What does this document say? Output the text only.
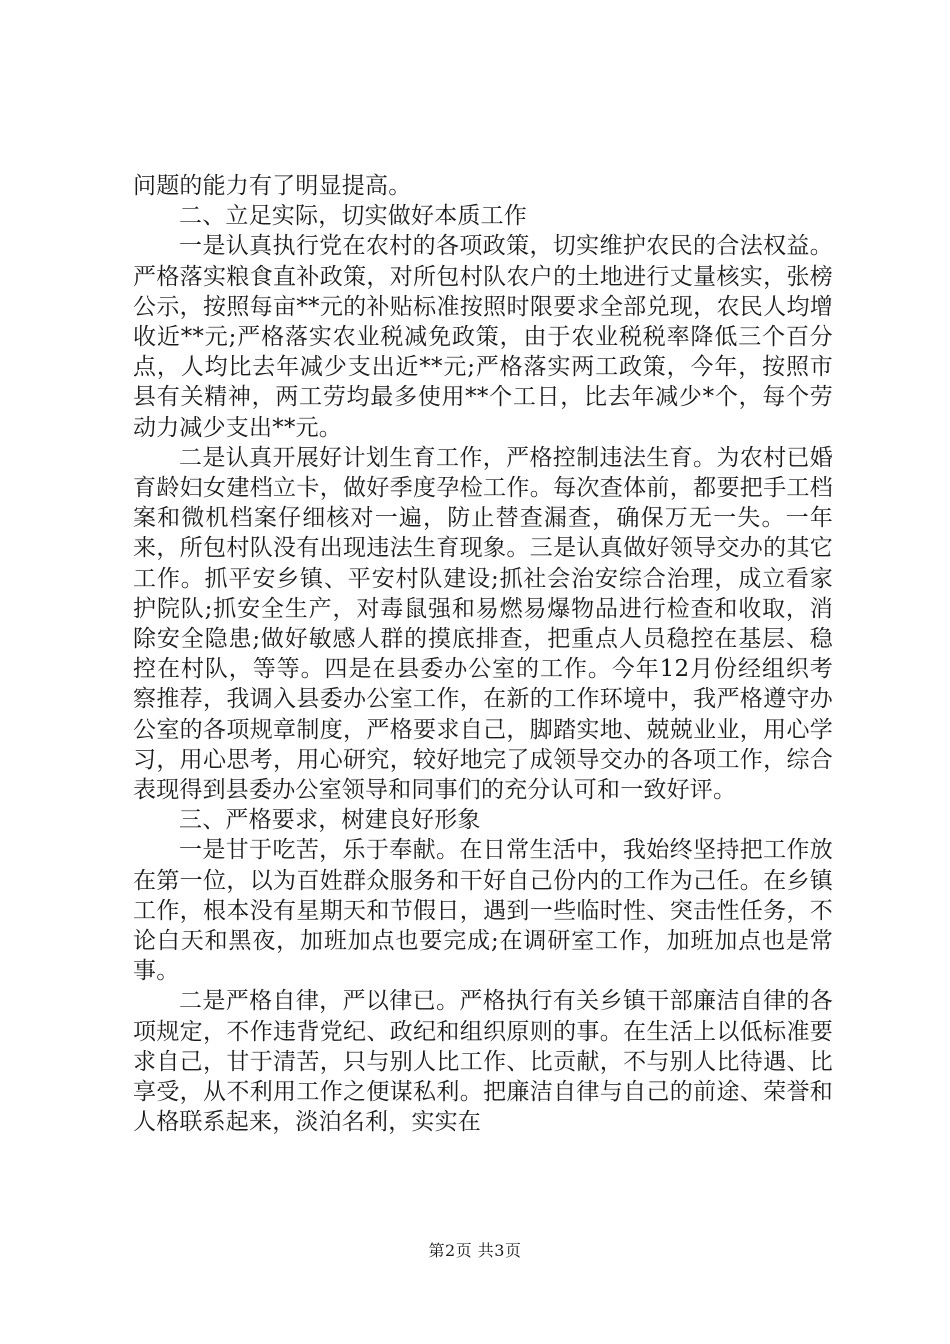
问题的能力有了明显提高。

二、立足实际，切实做好本质工作

一是认真执行党在农村的各项政策，切实维护农民的合法权益。严格落实粮食直补政策，对所包村队农户的土地进行丈量核实，张榜公示，按照每亩**元的补贴标准按照时限要求全部兑现，农民人均增收近**元;严格落实农业税减免政策，由于农业税税率降低三个百分点，人均比去年减少支出近**元;严格落实两工政策，今年，按照市县有关精神，两工劳均最多使用**个工日，比去年减少*个，每个劳动力减少支出**元。

二是认真开展好计划生育工作，严格控制违法生育。为农村已婚育龄妇女建档立卡，做好季度孕检工作。每次查体前，都要把手工档案和微机档案仔细核对一遍，防止替查漏查，确保万无一失。一年来，所包村队没有出现违法生育现象。三是认真做好领导交办的其它工作。抓平安乡镇、平安村队建设;抓社会治安综合治理，成立看家护院队;抓安全生产，对毒鼠强和易燃易爆物品进行检查和收取，消除安全隐患;做好敏感人群的摸底排查，把重点人员稳控在基层、稳控在村队，等等。四是在县委办公室的工作。今年12月份经组织考察推荐，我调入县委办公室工作，在新的工作环境中，我严格遵守办公室的各项规章制度，严格要求自己，脚踏实地、兢兢业业，用心学习，用心思考，用心研究，较好地完了成领导交办的各项工作，综合表现得到县委办公室领导和同事们的充分认可和一致好评。

三、严格要求，树建良好形象

一是甘于吃苦，乐于奉献。在日常生活中，我始终坚持把工作放在第一位，以为百姓群众服务和干好自己份内的工作为己任。在乡镇工作，根本没有星期天和节假日，遇到一些临时性、突击性任务，不论白天和黑夜，加班加点也要完成;在调研室工作，加班加点也是常事。

二是严格自律，严以律已。严格执行有关乡镇干部廉洁自律的各项规定，不作违背党纪、政纪和组织原则的事。在生活上以低标准要求自己，甘于清苦，只与别人比工作、比贡献，不与别人比待遇、比享受，从不利用工作之便谋私利。把廉洁自律与自己的前途、荣誉和人格联系起来，淡泊名利，实实在

第2页 共3页
